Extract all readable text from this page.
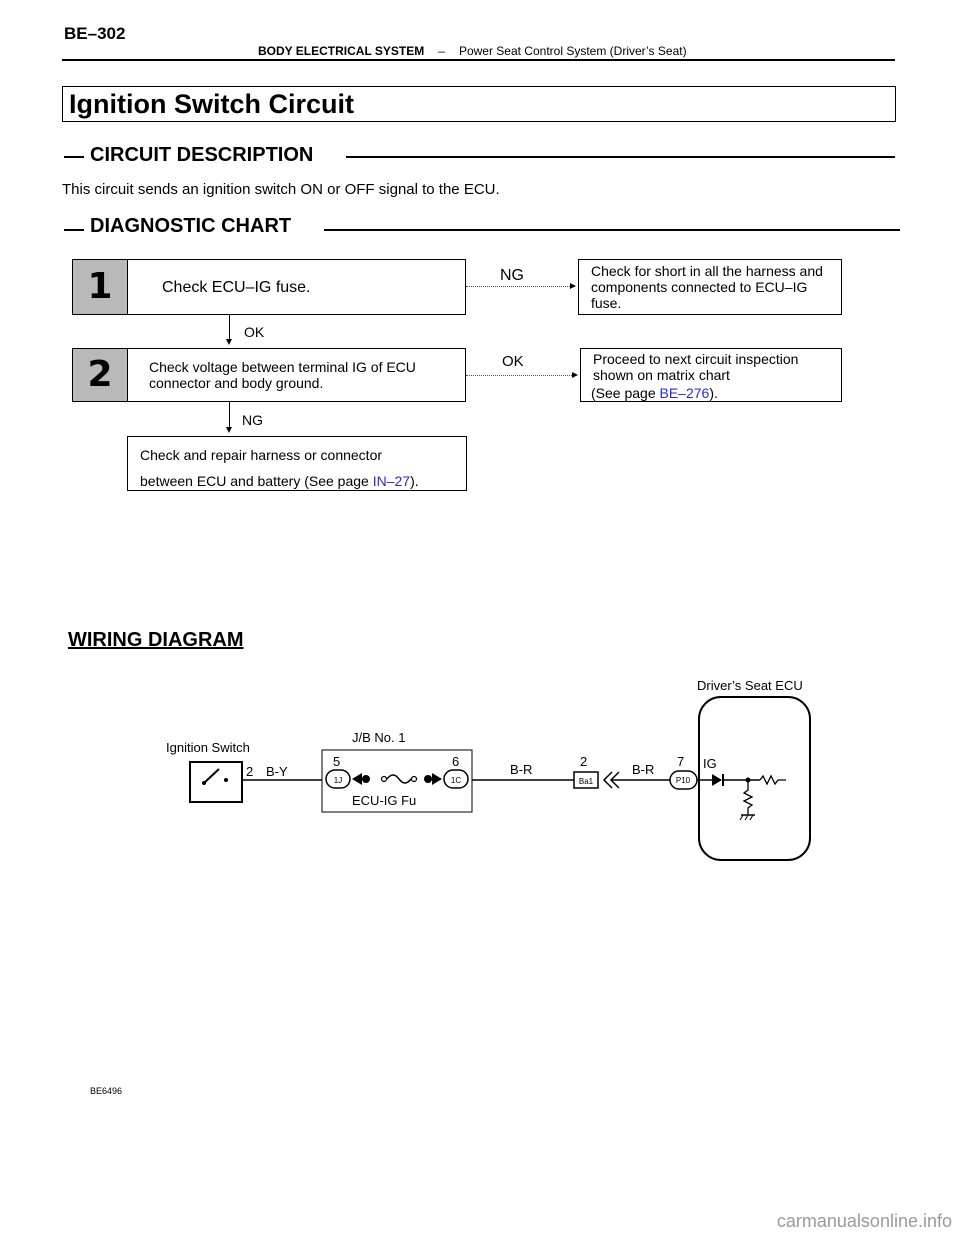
BE–302
BODY ELECTRICAL SYSTEM – Power Seat Control System (Driver’s Seat)
Ignition Switch Circuit
CIRCUIT DESCRIPTION
This circuit sends an ignition switch ON or OFF signal to the ECU.
DIAGNOSTIC CHART
1	Check ECU–IG fuse.
NG	Check for short in all the harness and components connected to ECU–IG fuse.
OK
2	Check voltage between terminal IG of ECU connector and body ground.
OK	Proceed to next circuit inspection shown on matrix chart
(See page BE–276).
NG
Check and repair harness or connector
between ECU and battery (See page IN–27).
WIRING DIAGRAM
Ignition Switch
2 B-Y
J/B No. 1
5
1J
6
1C
ECU-IG Fu
B-R
2
Ba1
B-R
7
P10
Driver’s Seat ECU
IG
BE6496
carmanualsonline.info
